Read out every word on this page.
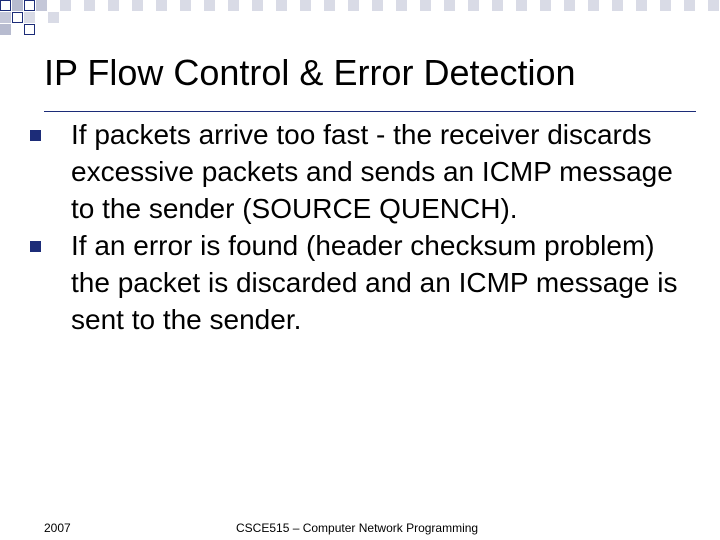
IP Flow Control & Error Detection
If packets arrive too fast - the receiver discards excessive packets and sends an ICMP message to the sender (SOURCE QUENCH).
If an error is found (header checksum problem) the packet is discarded and an ICMP message is sent to the sender.
2007	CSCE515 – Computer Network Programming
